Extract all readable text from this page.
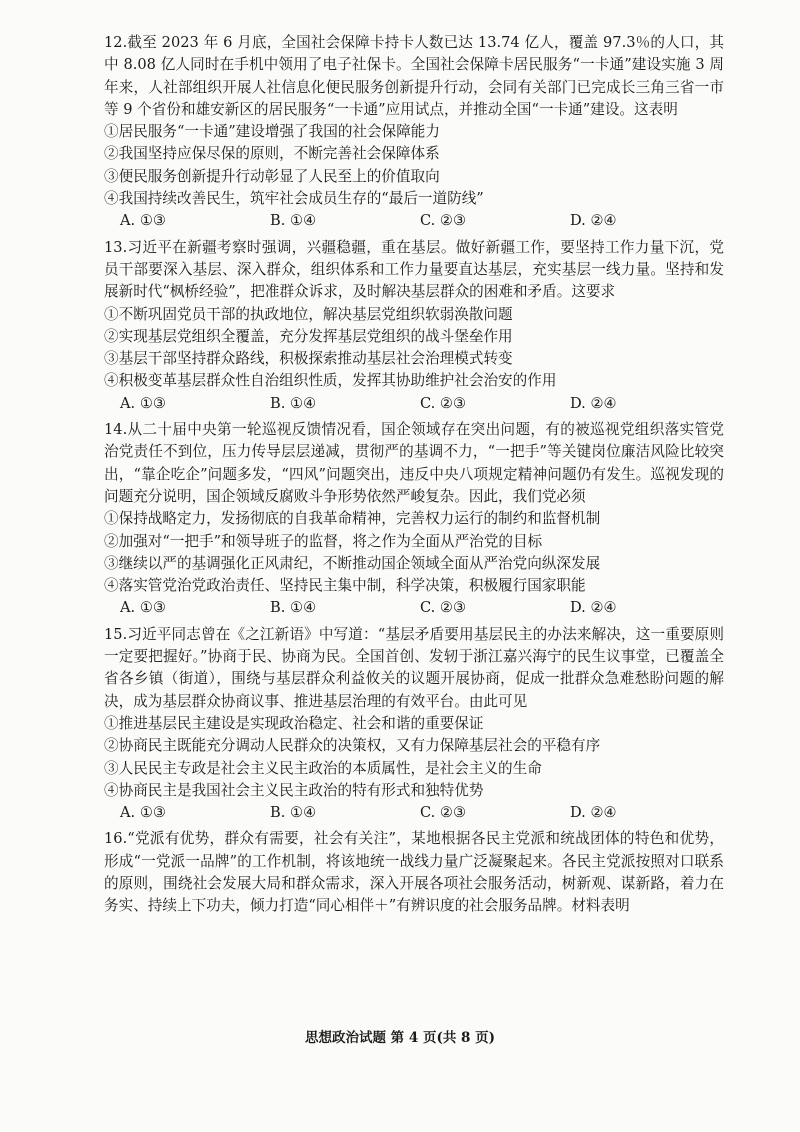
12.截至 2023 年 6 月底，全国社会保障卡持卡人数已达 13.74 亿人，覆盖 97.3％的人口，其中 8.08 亿人同时在手机中领用了电子社保卡。全国社会保障卡居民服务“一卡通”建设实施 3 周年来，人社部组织开展人社信息化便民服务创新提升行动，会同有关部门已完成长三角三省一市等 9 个省份和雄安新区的居民服务“一卡通”应用试点，并推动全国“一卡通”建设。这表明

①居民服务“一卡通”建设增强了我国的社会保障能力

②我国坚持应保尽保的原则，不断完善社会保障体系

③便民服务创新提升行动彰显了人民至上的价值取向

④我国持续改善民生，筑牢社会成员生存的“最后一道防线”

A. ①③	B. ①④	C. ②③	D. ②④

13.习近平在新疆考察时强调，兴疆稳疆，重在基层。做好新疆工作，要坚持工作力量下沉，党员干部要深入基层、深入群众，组织体系和工作力量要直达基层，充实基层一线力量。坚持和发展新时代“枫桥经验”，把准群众诉求，及时解决基层群众的困难和矛盾。这要求

①不断巩固党员干部的执政地位，解决基层党组织软弱涣散问题

②实现基层党组织全覆盖，充分发挥基层党组织的战斗堡垒作用

③基层干部坚持群众路线，积极探索推动基层社会治理模式转变

④积极变革基层群众性自治组织性质，发挥其协助维护社会治安的作用

A. ①③	B. ①④	C. ②③	D. ②④

14.从二十届中央第一轮巡视反馈情况看，国企领域存在突出问题，有的被巡视党组织落实管党治党责任不到位，压力传导层层递减，贯彻严的基调不力，“一把手”等关键岗位廉洁风险比较突出，“靠企吃企”问题多发，“四风”问题突出，违反中央八项规定精神问题仍有发生。巡视发现的问题充分说明，国企领域反腐败斗争形势依然严峻复杂。因此，我们党必须

①保持战略定力，发扬彻底的自我革命精神，完善权力运行的制约和监督机制

②加强对“一把手”和领导班子的监督，将之作为全面从严治党的目标

③继续以严的基调强化正风肃纪，不断推动国企领域全面从严治党向纵深发展

④落实管党治党政治责任、坚持民主集中制，科学决策，积极履行国家职能

A. ①③	B. ①④	C. ②③	D. ②④

15.习近平同志曾在《之江新语》中写道：“基层矛盾要用基层民主的办法来解决，这一重要原则一定要把握好。”协商于民、协商为民。全国首创、发轫于浙江嘉兴海宁的民生议事堂，已覆盖全省各乡镇（街道），围绕与基层群众利益攸关的议题开展协商，促成一批群众急难愁盼问题的解决，成为基层群众协商议事、推进基层治理的有效平台。由此可见

①推进基层民主建设是实现政治稳定、社会和谐的重要保证

②协商民主既能充分调动人民群众的决策权，又有力保障基层社会的平稳有序

③人民民主专政是社会主义民主政治的本质属性，是社会主义的生命

④协商民主是我国社会主义民主政治的特有形式和独特优势

A. ①③	B. ①④	C. ②③	D. ②④

16.“党派有优势，群众有需要，社会有关注”，某地根据各民主党派和统战团体的特色和优势，形成“一党派一品牌”的工作机制，将该地统一战线力量广泛凝聚起来。各民主党派按照对口联系的原则，围绕社会发展大局和群众需求，深入开展各项社会服务活动，树新观、谋新路，着力在务实、持续上下功夫，倾力打造“同心相伴＋”有辨识度的社会服务品牌。材料表明

思想政治试题 第 4 页(共 8 页)
